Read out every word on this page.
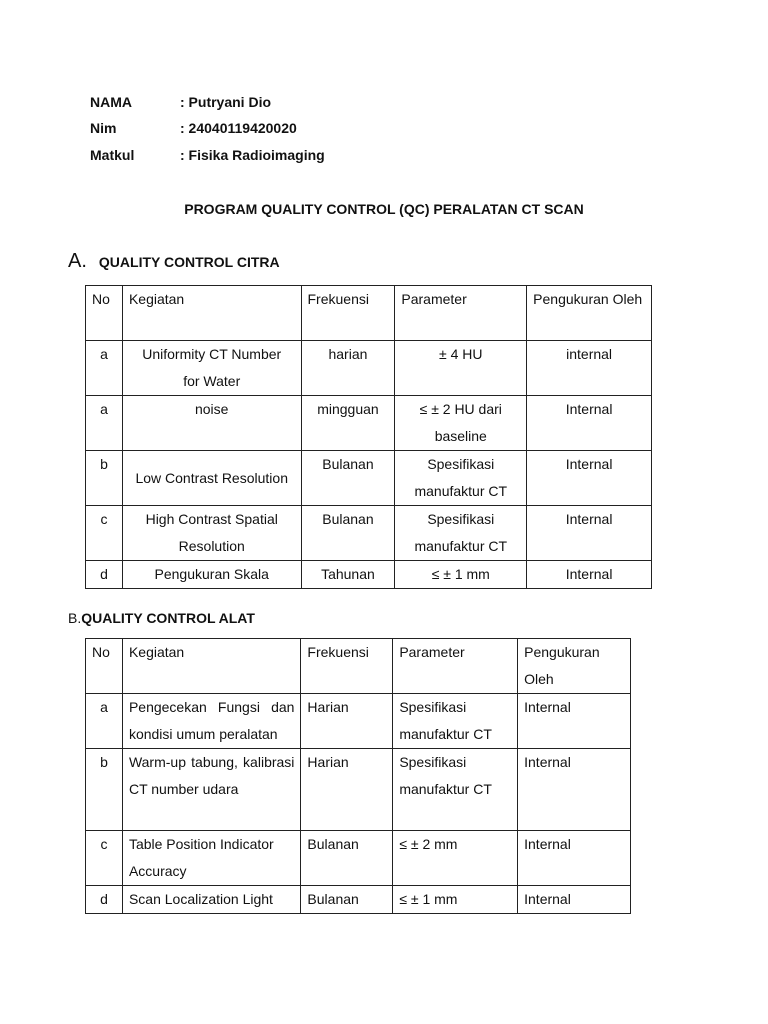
NAMA	: Putryani Dio
Nim	: 24040119420020
Matkul	: Fisika Radioimaging
PROGRAM QUALITY CONTROL (QC) PERALATAN CT SCAN
A. QUALITY CONTROL CITRA
No	Kegiatan	Frekuensi	Parameter	Pengukuran Oleh
a	Uniformity CT Number for Water	harian	± 4 HU	internal
a	noise	mingguan	≤ ± 2 HU dari baseline	Internal
b	Low Contrast Resolution	Bulanan	Spesifikasi manufaktur CT	Internal
c	High Contrast Spatial Resolution	Bulanan	Spesifikasi manufaktur CT	Internal
d	Pengukuran Skala	Tahunan	≤ ± 1 mm	Internal
B.QUALITY CONTROL ALAT
No	Kegiatan	Frekuensi	Parameter	Pengukuran Oleh
a	Pengecekan Fungsi dan kondisi umum peralatan	Harian	Spesifikasi manufaktur CT	Internal
b	Warm-up tabung, kalibrasi CT number udara	Harian	Spesifikasi manufaktur CT	Internal
c	Table Position Indicator Accuracy	Bulanan	≤ ± 2 mm	Internal
d	Scan Localization Light	Bulanan	≤ ± 1 mm	Internal
